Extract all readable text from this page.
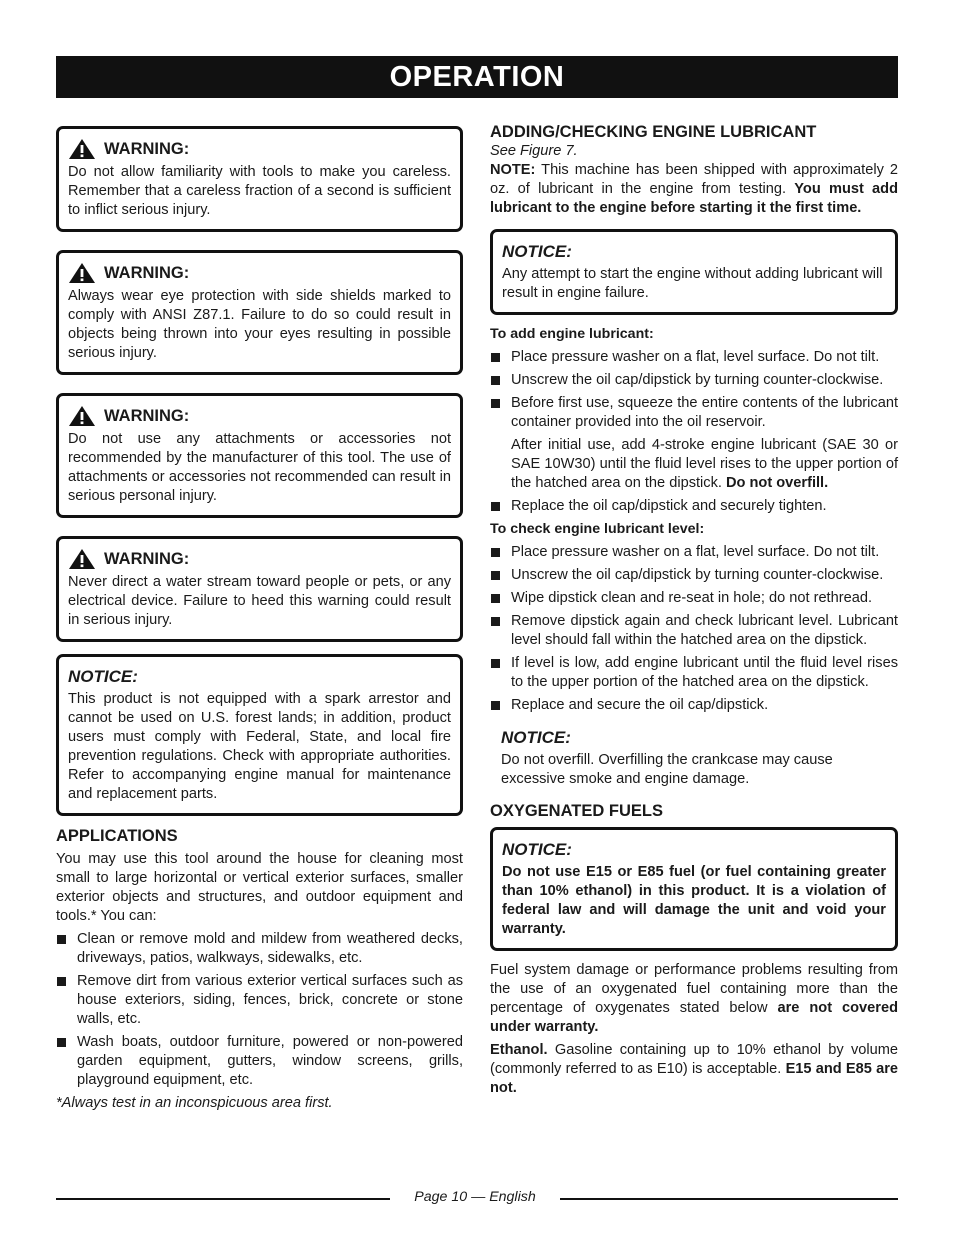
OPERATION
WARNING:

Do not allow familiarity with tools to make you careless. Remember that a careless fraction of a second is sufficient to inflict serious injury.

WARNING:

Always wear eye protection with side shields marked to comply with ANSI Z87.1. Failure to do so could result in objects being thrown into your eyes resulting in possible serious injury.

WARNING:

Do not use any attachments or accessories not recommended by the manufacturer of this tool. The use of attachments or accessories not recommended can result in serious personal injury.

WARNING:

Never direct a water stream toward people or pets, or any electrical device. Failure to heed this warning could result in serious injury.

NOTICE:

This product is not equipped with a spark arrestor and cannot be used on U.S. forest lands; in addition, product users must comply with Federal, State, and local fire prevention regulations. Check with appropriate authorities. Refer to accompanying engine manual for maintenance and replacement parts.

APPLICATIONS

You may use this tool around the house for cleaning most small to large horizontal or vertical exterior surfaces, smaller exterior objects and structures, and outdoor equipment and tools.* You can:

Clean or remove mold and mildew from weathered decks, driveways, patios, walkways, sidewalks, etc.
Remove dirt from various exterior vertical surfaces such as house exteriors, siding, fences, brick, concrete or stone walls, etc.
Wash boats, outdoor furniture, powered or non-powered garden equipment, gutters, window screens, grills, playground equipment, etc.

*Always test in an inconspicuous area first.

ADDING/CHECKING ENGINE LUBRICANT

See Figure 7.

NOTE: This machine has been shipped with approximately 2 oz. of lubricant in the engine from testing. You must add lubricant to the engine before starting it the first time.

NOTICE:

Any attempt to start the engine without adding lubricant will result in engine failure.

To add engine lubricant:

Place pressure washer on a flat, level surface. Do not tilt.
Unscrew the oil cap/dipstick by turning counter-clockwise.
Before first use, squeeze the entire contents of the lubricant container provided into the oil reservoir.

After initial use, add 4-stroke engine lubricant (SAE 30 or SAE 10W30) until the fluid level rises to the upper portion of the hatched area on the dipstick. Do not overfill.

Replace the oil cap/dipstick and securely tighten.

To check engine lubricant level:

Place pressure washer on a flat, level surface. Do not tilt.
Unscrew the oil cap/dipstick by turning counter-clockwise.
Wipe dipstick clean and re-seat in hole; do not rethread.
Remove dipstick again and check lubricant level. Lubricant level should fall within the hatched area on the dipstick.
If level is low, add engine lubricant until the fluid level rises to the upper portion of the hatched area on the dipstick.
Replace and secure the oil cap/dipstick.
NOTICE:

Do not overfill. Overfilling the crankcase may cause excessive smoke and engine damage.

OXYGENATED FUELS
NOTICE:

Do not use E15 or E85 fuel (or fuel containing greater than 10% ethanol) in this product. It is a violation of federal law and will damage the unit and void your warranty.

Fuel system damage or performance problems resulting from the use of an oxygenated fuel containing more than the percentage of oxygenates stated below are not covered under warranty.

Ethanol. Gasoline containing up to 10% ethanol by volume (commonly referred to as E10) is acceptable. E15 and E85 are not.

Page 10 — English
